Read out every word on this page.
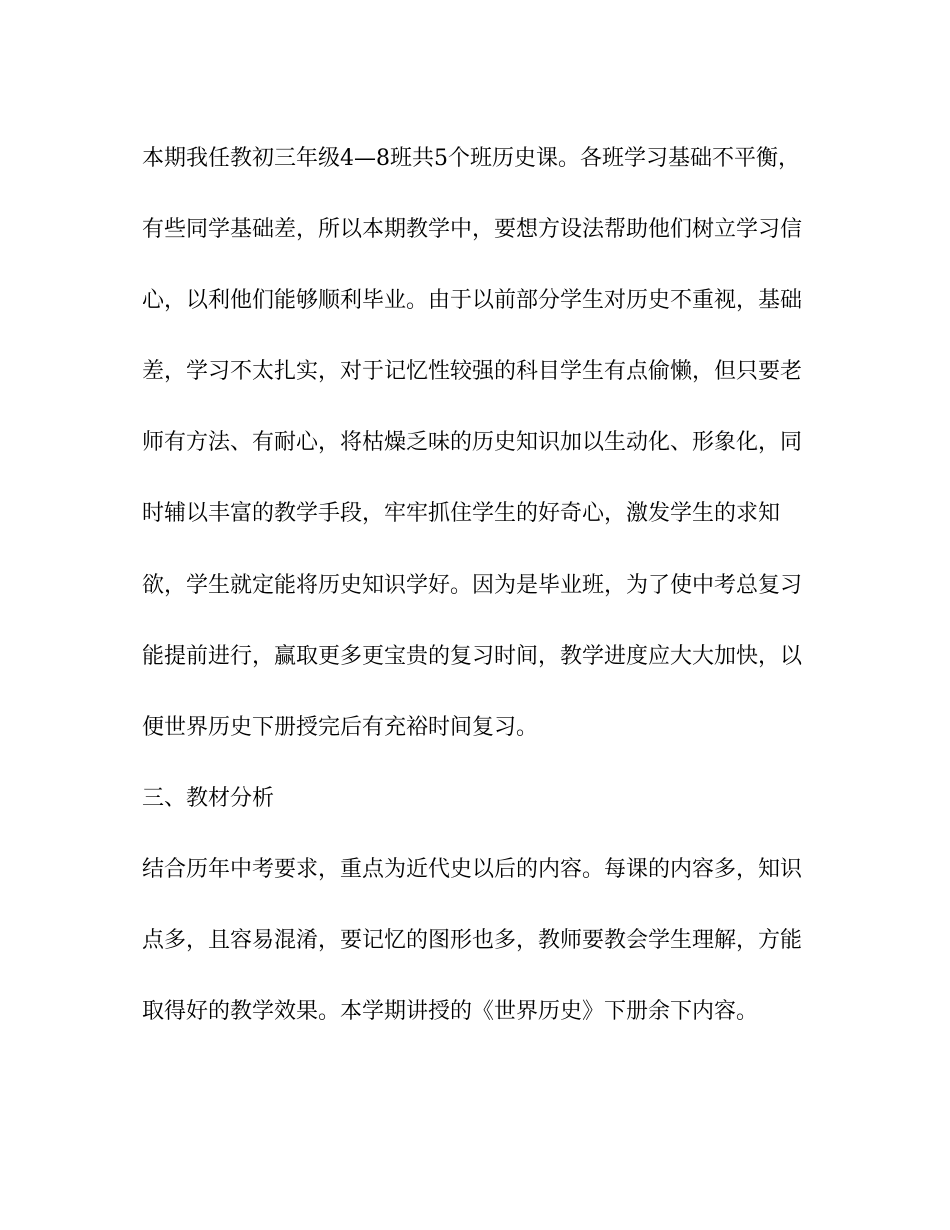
本期我任教初三年级4—8班共5个班历史课。各班学习基础不平衡，
有些同学基础差，所以本期教学中，要想方设法帮助他们树立学习信
心，以利他们能够顺利毕业。由于以前部分学生对历史不重视，基础
差，学习不太扎实，对于记忆性较强的科目学生有点偷懒，但只要老
师有方法、有耐心，将枯燥乏味的历史知识加以生动化、形象化，同
时辅以丰富的教学手段，牢牢抓住学生的好奇心，激发学生的求知
欲，学生就定能将历史知识学好。因为是毕业班，为了使中考总复习
能提前进行，赢取更多更宝贵的复习时间，教学进度应大大加快，以
便世界历史下册授完后有充裕时间复习。
三、教材分析
结合历年中考要求，重点为近代史以后的内容。每课的内容多，知识
点多，且容易混淆，要记忆的图形也多，教师要教会学生理解，方能
取得好的教学效果。本学期讲授的《世界历史》下册余下内容。
